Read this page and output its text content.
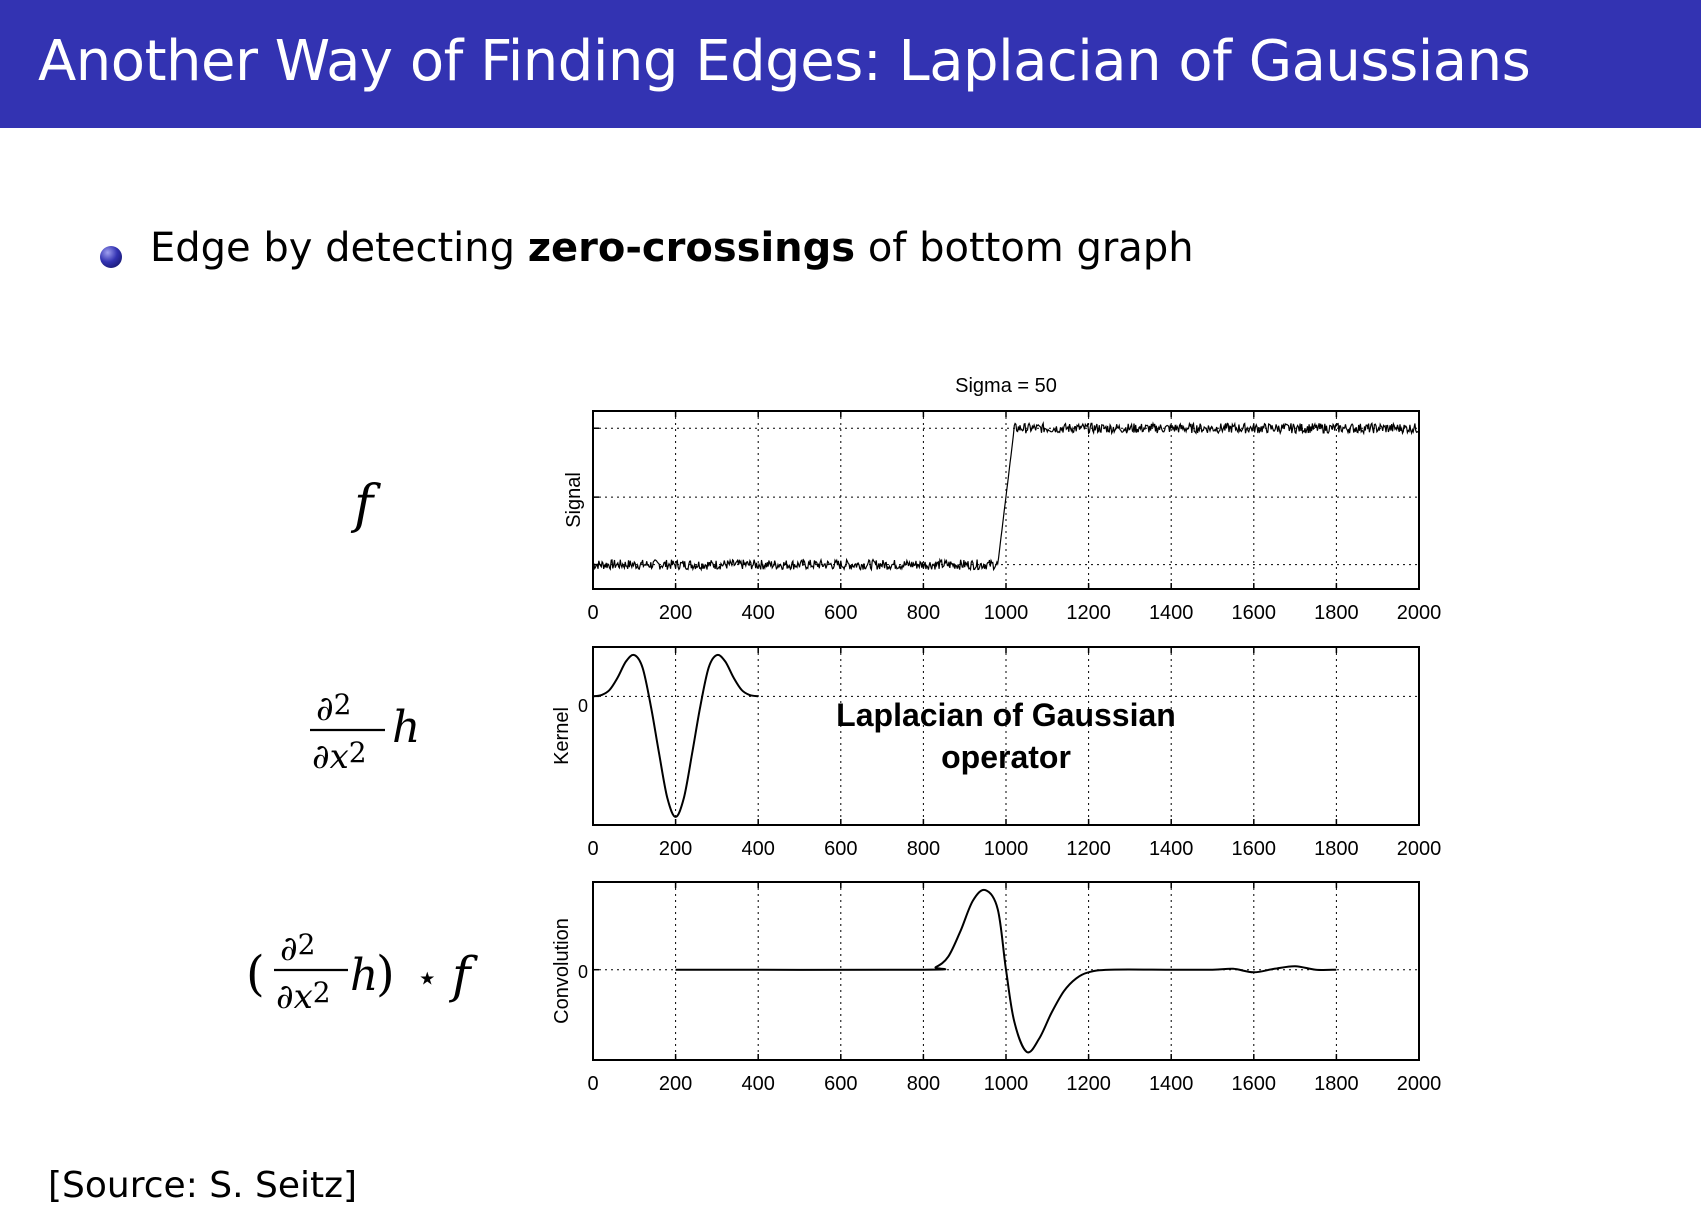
Another Way of Finding Edges: Laplacian of Gaussians
Edge by detecting zero-crossings of bottom graph
f
∂2
∂x2 h
( ∂2
∂x2 h
) ⋆ f
Sigma = 50
0	200 400 600 800 1000 1200 1400 1600 1800 2000
Signal
0	200 400 600 800 1000 1200 1400 1600 1800 2000
Kernel
0	Laplacian of Gaussian
operator
0	200 400 600 800 1000 1200 1400 1600 1800 2000
Convolution 0
[Source: S. Seitz]
